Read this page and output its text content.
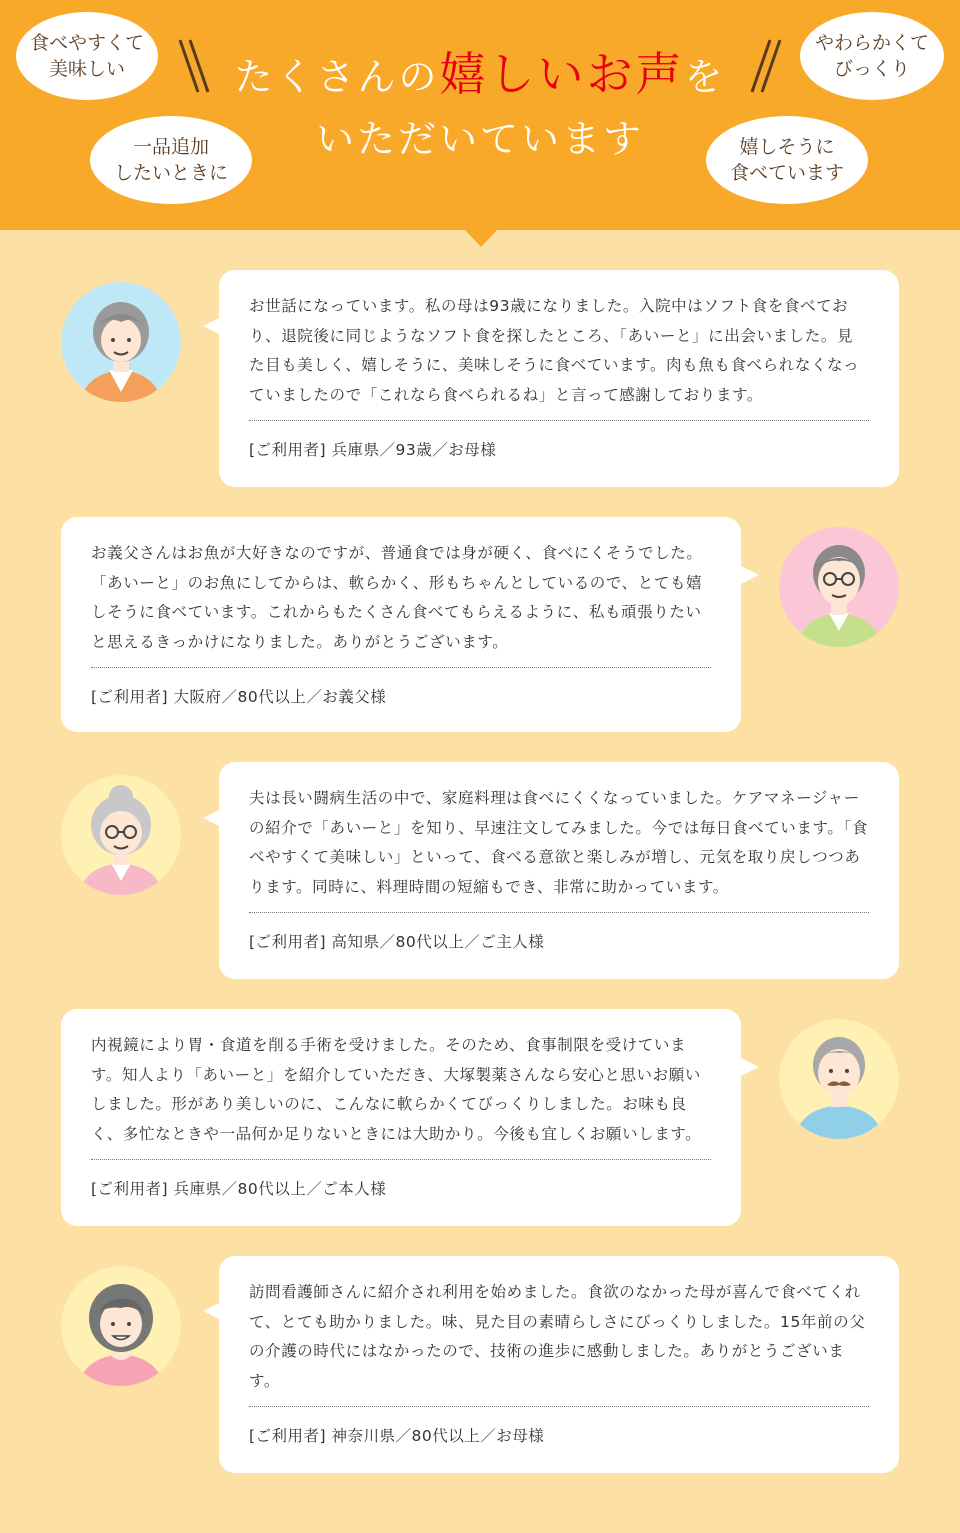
食べやすくて
美味しい
一品追加
したいときに
やわらかくて
びっくり
嬉しそうに
食べています
たくさんの嬉しいお声を
いただいています
お世話になっています。私の母は93歳になりました。入院中はソフト食を食べており、退院後に同じようなソフト食を探したところ、「あいーと」に出会いました。見た目も美しく、嬉しそうに、美味しそうに食べています。肉も魚も食べられなくなっていましたので「これなら食べられるね」と言って感謝しております。
[ご利用者] 兵庫県／93歳／お母様
お義父さんはお魚が大好きなのですが、普通食では身が硬く、食べにくそうでした。「あいーと」のお魚にしてからは、軟らかく、形もちゃんとしているので、とても嬉しそうに食べています。これからもたくさん食べてもらえるように、私も頑張りたいと思えるきっかけになりました。ありがとうございます。
[ご利用者] 大阪府／80代以上／お義父様
夫は長い闘病生活の中で、家庭料理は食べにくくなっていました。ケアマネージャーの紹介で「あいーと」を知り、早速注文してみました。今では毎日食べています。「食べやすくて美味しい」といって、食べる意欲と楽しみが増し、元気を取り戻しつつあります。同時に、料理時間の短縮もでき、非常に助かっています。
[ご利用者] 高知県／80代以上／ご主人様
内視鏡により胃・食道を削る手術を受けました。そのため、食事制限を受けています。知人より「あいーと」を紹介していただき、大塚製薬さんなら安心と思いお願いしました。形があり美しいのに、こんなに軟らかくてびっくりしました。お味も良く、多忙なときや一品何か足りないときには大助かり。今後も宜しくお願いします。
[ご利用者] 兵庫県／80代以上／ご本人様
訪問看護師さんに紹介され利用を始めました。食欲のなかった母が喜んで食べてくれて、とても助かりました。味、見た目の素晴らしさにびっくりしました。15年前の父の介護の時代にはなかったので、技術の進歩に感動しました。ありがとうございます。
[ご利用者] 神奈川県／80代以上／お母様
